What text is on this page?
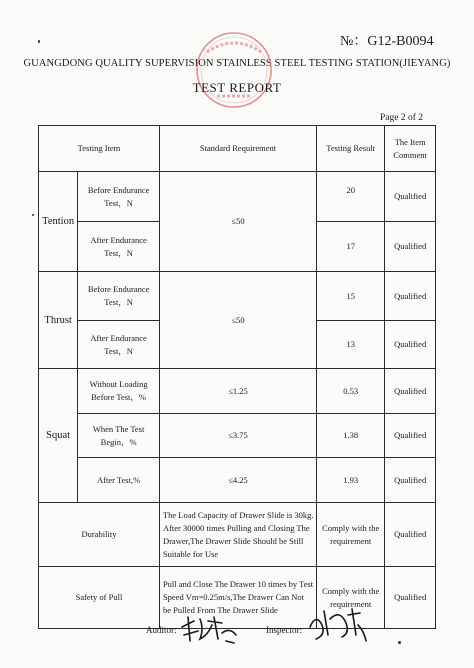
№：G12-B0094
GUANGDONG QUALITY SUPERVISION STAINLESS STEEL TESTING STATION(JIEYANG)
TEST REPORT
Page 2 of 2
Testing Item		Standard Requirement	Testing Result	The Item Comment
Tention	Before Endurance Test，N	≤50	20	Qualified
	After Endurance Test，N		17	Qualified
Thrust	Before Endurance Test，N	≤50	15	Qualified
	After Endurance Test，N		13	Qualified
Squat	Without Loading Before Test，%	≤1.25	0.53	Qualified
	When The Test Begin，%	≤3.75	1.38	Qualified
	After Test,%	≤4.25	1.93	Qualified
Durability		The Load Capacity of Drawer Slide is 30kg. After 30000 times Pulling and Closing The Drawer,The Drawer Slide Should be Still Suitable for Use	Comply with the requirement	Qualified
Safety of Pull		Pull and Close The Drawer 10 times by Test Speed Vm=0.25m/s,The Drawer Can Not be Pulled From The Drawer Slide	Comply with the requirement	Qualified
Auditor:	Inspector:
